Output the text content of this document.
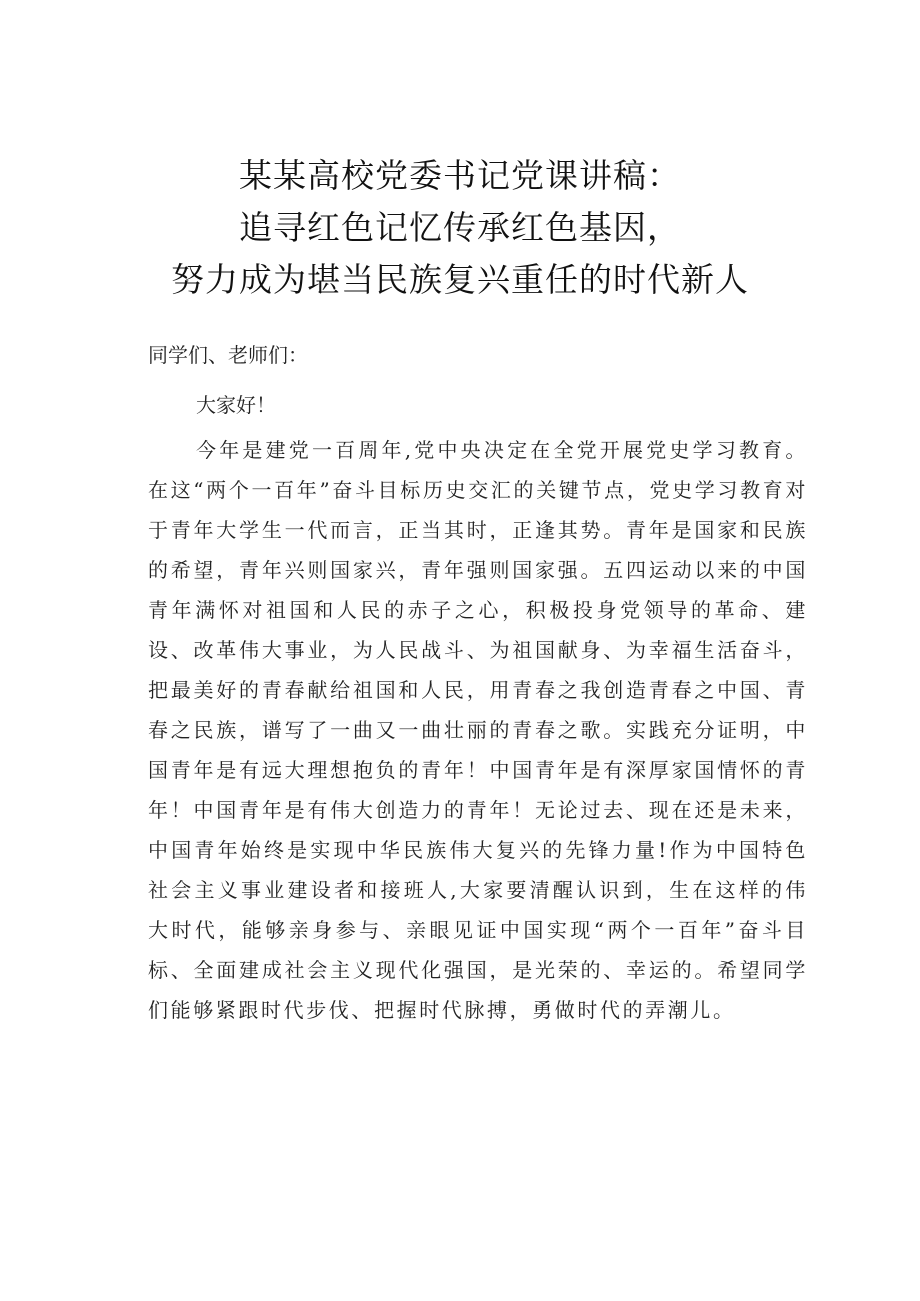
某某高校党委书记党课讲稿：
追寻红色记忆传承红色基因，
努力成为堪当民族复兴重任的时代新人

同学们、老师们：

大家好！

今年是建党一百周年,党中央决定在全党开展党史学习教育。在这“两个一百年”奋斗目标历史交汇的关键节点，党史学习教育对于青年大学生一代而言，正当其时，正逢其势。青年是国家和民族的希望，青年兴则国家兴，青年强则国家强。五四运动以来的中国青年满怀对祖国和人民的赤子之心，积极投身党领导的革命、建设、改革伟大事业，为人民战斗、为祖国献身、为幸福生活奋斗，把最美好的青春献给祖国和人民，用青春之我创造青春之中国、青春之民族，谱写了一曲又一曲壮丽的青春之歌。实践充分证明，中国青年是有远大理想抱负的青年！中国青年是有深厚家国情怀的青年！中国青年是有伟大创造力的青年！无论过去、现在还是未来，中国青年始终是实现中华民族伟大复兴的先锋力量!作为中国特色社会主义事业建设者和接班人,大家要清醒认识到，生在这样的伟大时代，能够亲身参与、亲眼见证中国实现“两个一百年”奋斗目标、全面建成社会主义现代化强国，是光荣的、幸运的。希望同学们能够紧跟时代步伐、把握时代脉搏，勇做时代的弄潮儿。
